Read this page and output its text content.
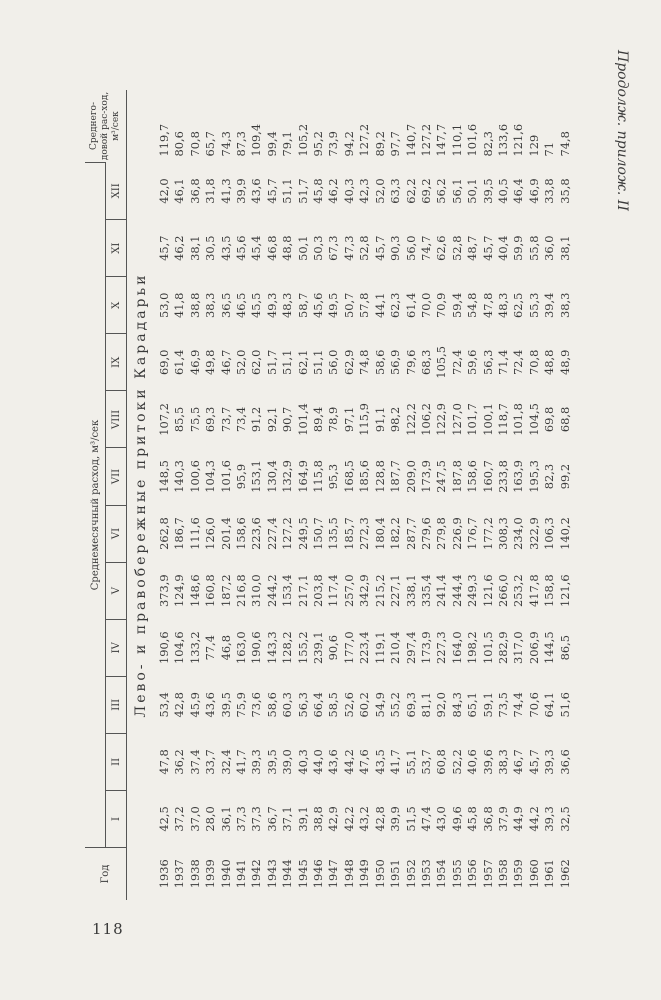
118
Продолж. прилож. II
Год	Среднемесячный расход, м³/сек												Среднего-довой рас-ход, м³/сек
	I	II	III	IV	V	VI	VII	VIII	IX	X	XI	XII	
Лево- и правобережные притоки Карадарьи													
1936	42,5	47,8	53,4	190,6	373,9	262,8	148,5	107,2	69,0	53,0	45,7	42,0	119,7
1937	37,2	36,2	42,8	104,6	124,9	186,7	140,3	85,5	61,4	41,8	46,2	46,1	80,6
1938	37,0	37,4	45,9	133,2	148,6	111,6	100,6	75,5	46,9	38,8	38,1	36,8	70,8
1939	28,0	33,7	43,6	77,4	160,8	126,0	104,3	69,3	49,8	38,3	30,5	31,8	65,7
1940	36,1	32,4	39,5	46,8	187,2	201,4	101,6	73,7	46,7	36,5	43,5	41,3	74,3
1941	37,3	41,7	75,9	163,0	216,8	158,6	95,9	73,4	52,0	46,5	45,6	39,9	87,3
1942	37,3	39,3	73,6	190,6	310,0	223,6	153,1	91,2	62,0	45,5	45,4	43,6	109,4
1943	36,7	39,5	58,6	143,3	244,2	227,4	130,4	92,1	51,7	49,3	46,8	45,7	99,4
1944	37,1	39,0	60,3	128,2	153,4	127,2	132,9	90,7	51,1	48,3	48,8	51,1	79,1
1945	39,1	40,3	56,3	155,2	217,1	249,5	164,9	101,4	62,1	58,7	50,1	51,7	105,2
1946	38,8	44,0	66,4	239,1	203,8	150,7	115,8	89,4	51,1	45,6	50,3	45,8	95,2
1947	42,9	43,6	58,5	90,6	117,4	135,5	95,3	78,9	56,0	49,5	67,3	46,2	73,9
1948	42,2	44,2	52,6	177,0	257,0	185,7	168,5	97,1	62,9	50,7	47,3	40,3	94,2
1949	43,2	47,6	60,2	223,4	342,9	272,3	185,6	115,9	74,8	57,8	52,8	42,3	127,2
1950	42,8	43,5	54,9	119,1	215,2	180,4	128,8	91,1	58,6	44,1	45,7	52,0	89,2
1951	39,9	41,7	55,2	210,4	227,1	182,2	187,7	98,2	56,9	62,3	90,3	63,3	97,7
1952	51,5	55,1	69,3	297,4	338,1	287,7	209,0	122,2	79,6	61,4	56,0	62,2	140,7
1953	47,4	53,7	81,1	173,9	335,4	279,6	173,9	106,2	68,3	70,0	74,7	69,2	127,2
1954	43,0	60,8	92,0	227,3	241,4	279,8	247,5	122,9	105,5	70,9	62,6	56,2	147,7
1955	49,6	52,2	84,3	164,0	244,4	226,9	187,8	127,0	72,4	59,4	52,8	56,1	110,1
1956	45,8	40,6	65,1	198,2	249,3	176,7	158,6	101,7	59,6	54,8	48,7	50,1	101,6
1957	36,8	39,6	59,1	101,5	121,6	177,2	160,7	100,1	56,3	47,8	45,7	39,5	82,3
1958	37,9	38,3	73,5	282,9	266,0	308,3	233,8	118,7	71,4	48,3	40,4	40,5	133,6
1959	44,9	46,7	74,4	317,0	253,2	234,0	163,9	101,8	72,4	62,5	59,9	46,4	121,6
1960	44,2	45,7	70,6	206,9	417,8	322,9	195,3	104,5	70,8	55,3	55,8	46,9	129
1961	39,3	39,3	64,1	144,5	158,8	106,3	82,3	69,8	48,8	39,4	36,0	33,8	71
1962	32,5	36,6	51,6	86,5	121,6	140,2	99,2	68,8	48,9	38,3	38,1	35,8	74,8
